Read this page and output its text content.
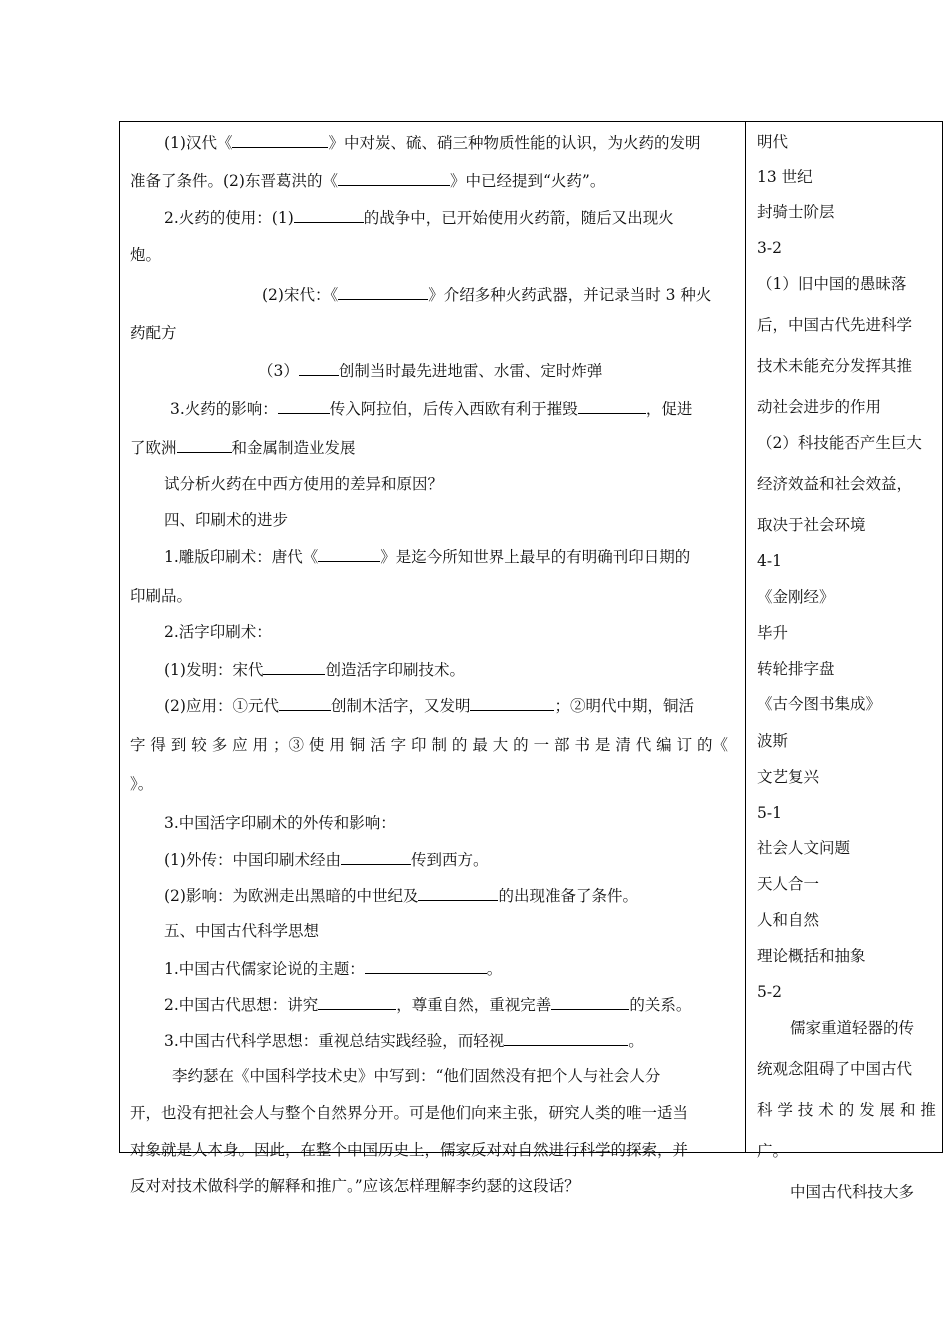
(1)汉代《	》中对炭、硫、硝三种物质性能的认识，为火药的发明
准备了条件。(2)东晋葛洪的《	》中已经提到“火药”。
2.火药的使用：(1)	的战争中，已开始使用火药箭，随后又出现火
炮。
(2)宋代：《	》介绍多种火药武器，并记录当时 3 种火
药配方
（3）	创制当时最先进地雷、水雷、定时炸弹
3.火药的影响：	传入阿拉伯，后传入西欧有利于摧毁	，促进
了欧洲	和金属制造业发展
试分析火药在中西方使用的差异和原因？
四、印刷术的进步
1.雕版印刷术：唐代《	》是迄今所知世界上最早的有明确刊印日期的
印刷品。
2.活字印刷术：
(1)发明：宋代	创造活字印刷技术。
(2)应用：①元代	创制木活字，又发明	；②明代中期，铜活
字 得 到 较 多 应 用 ；③ 使 用 铜 活 字 印 制 的 最 大 的 一 部 书 是 清 代 编 订 的《
》。
3.中国活字印刷术的外传和影响：
(1)外传：中国印刷术经由	传到西方。
(2)影响：为欧洲走出黑暗的中世纪及	的出现准备了条件。
五、中国古代科学思想
1.中国古代儒家论说的主题：	。
2.中国古代思想：讲究	，尊重自然，重视完善	的关系。
3.中国古代科学思想：重视总结实践经验，而轻视	。
李约瑟在《中国科学技术史》中写到：“他们固然没有把个人与社会人分
开，也没有把社会人与整个自然界分开。可是他们向来主张，研究人类的唯一适当
对象就是人本身。因此，在整个中国历史上，儒家反对对自然进行科学的探索，并
反对对技术做科学的解释和推广。”应该怎样理解李约瑟的这段话？
明代
13 世纪
封骑士阶层
3-2
（1）旧中国的愚昧落
后，中国古代先进科学
技术未能充分发挥其推
动社会进步的作用
（2）科技能否产生巨大
经济效益和社会效益，
取决于社会环境
4-1
《金刚经》
毕升
转轮排字盘
《古今图书集成》
波斯
文艺复兴
5-1
社会人文问题
天人合一
人和自然
理论概括和抽象
5-2
儒家重道轻器的传
统观念阻碍了中国古代
科 学 技 术 的 发 展 和 推
广。
中国古代科技大多
